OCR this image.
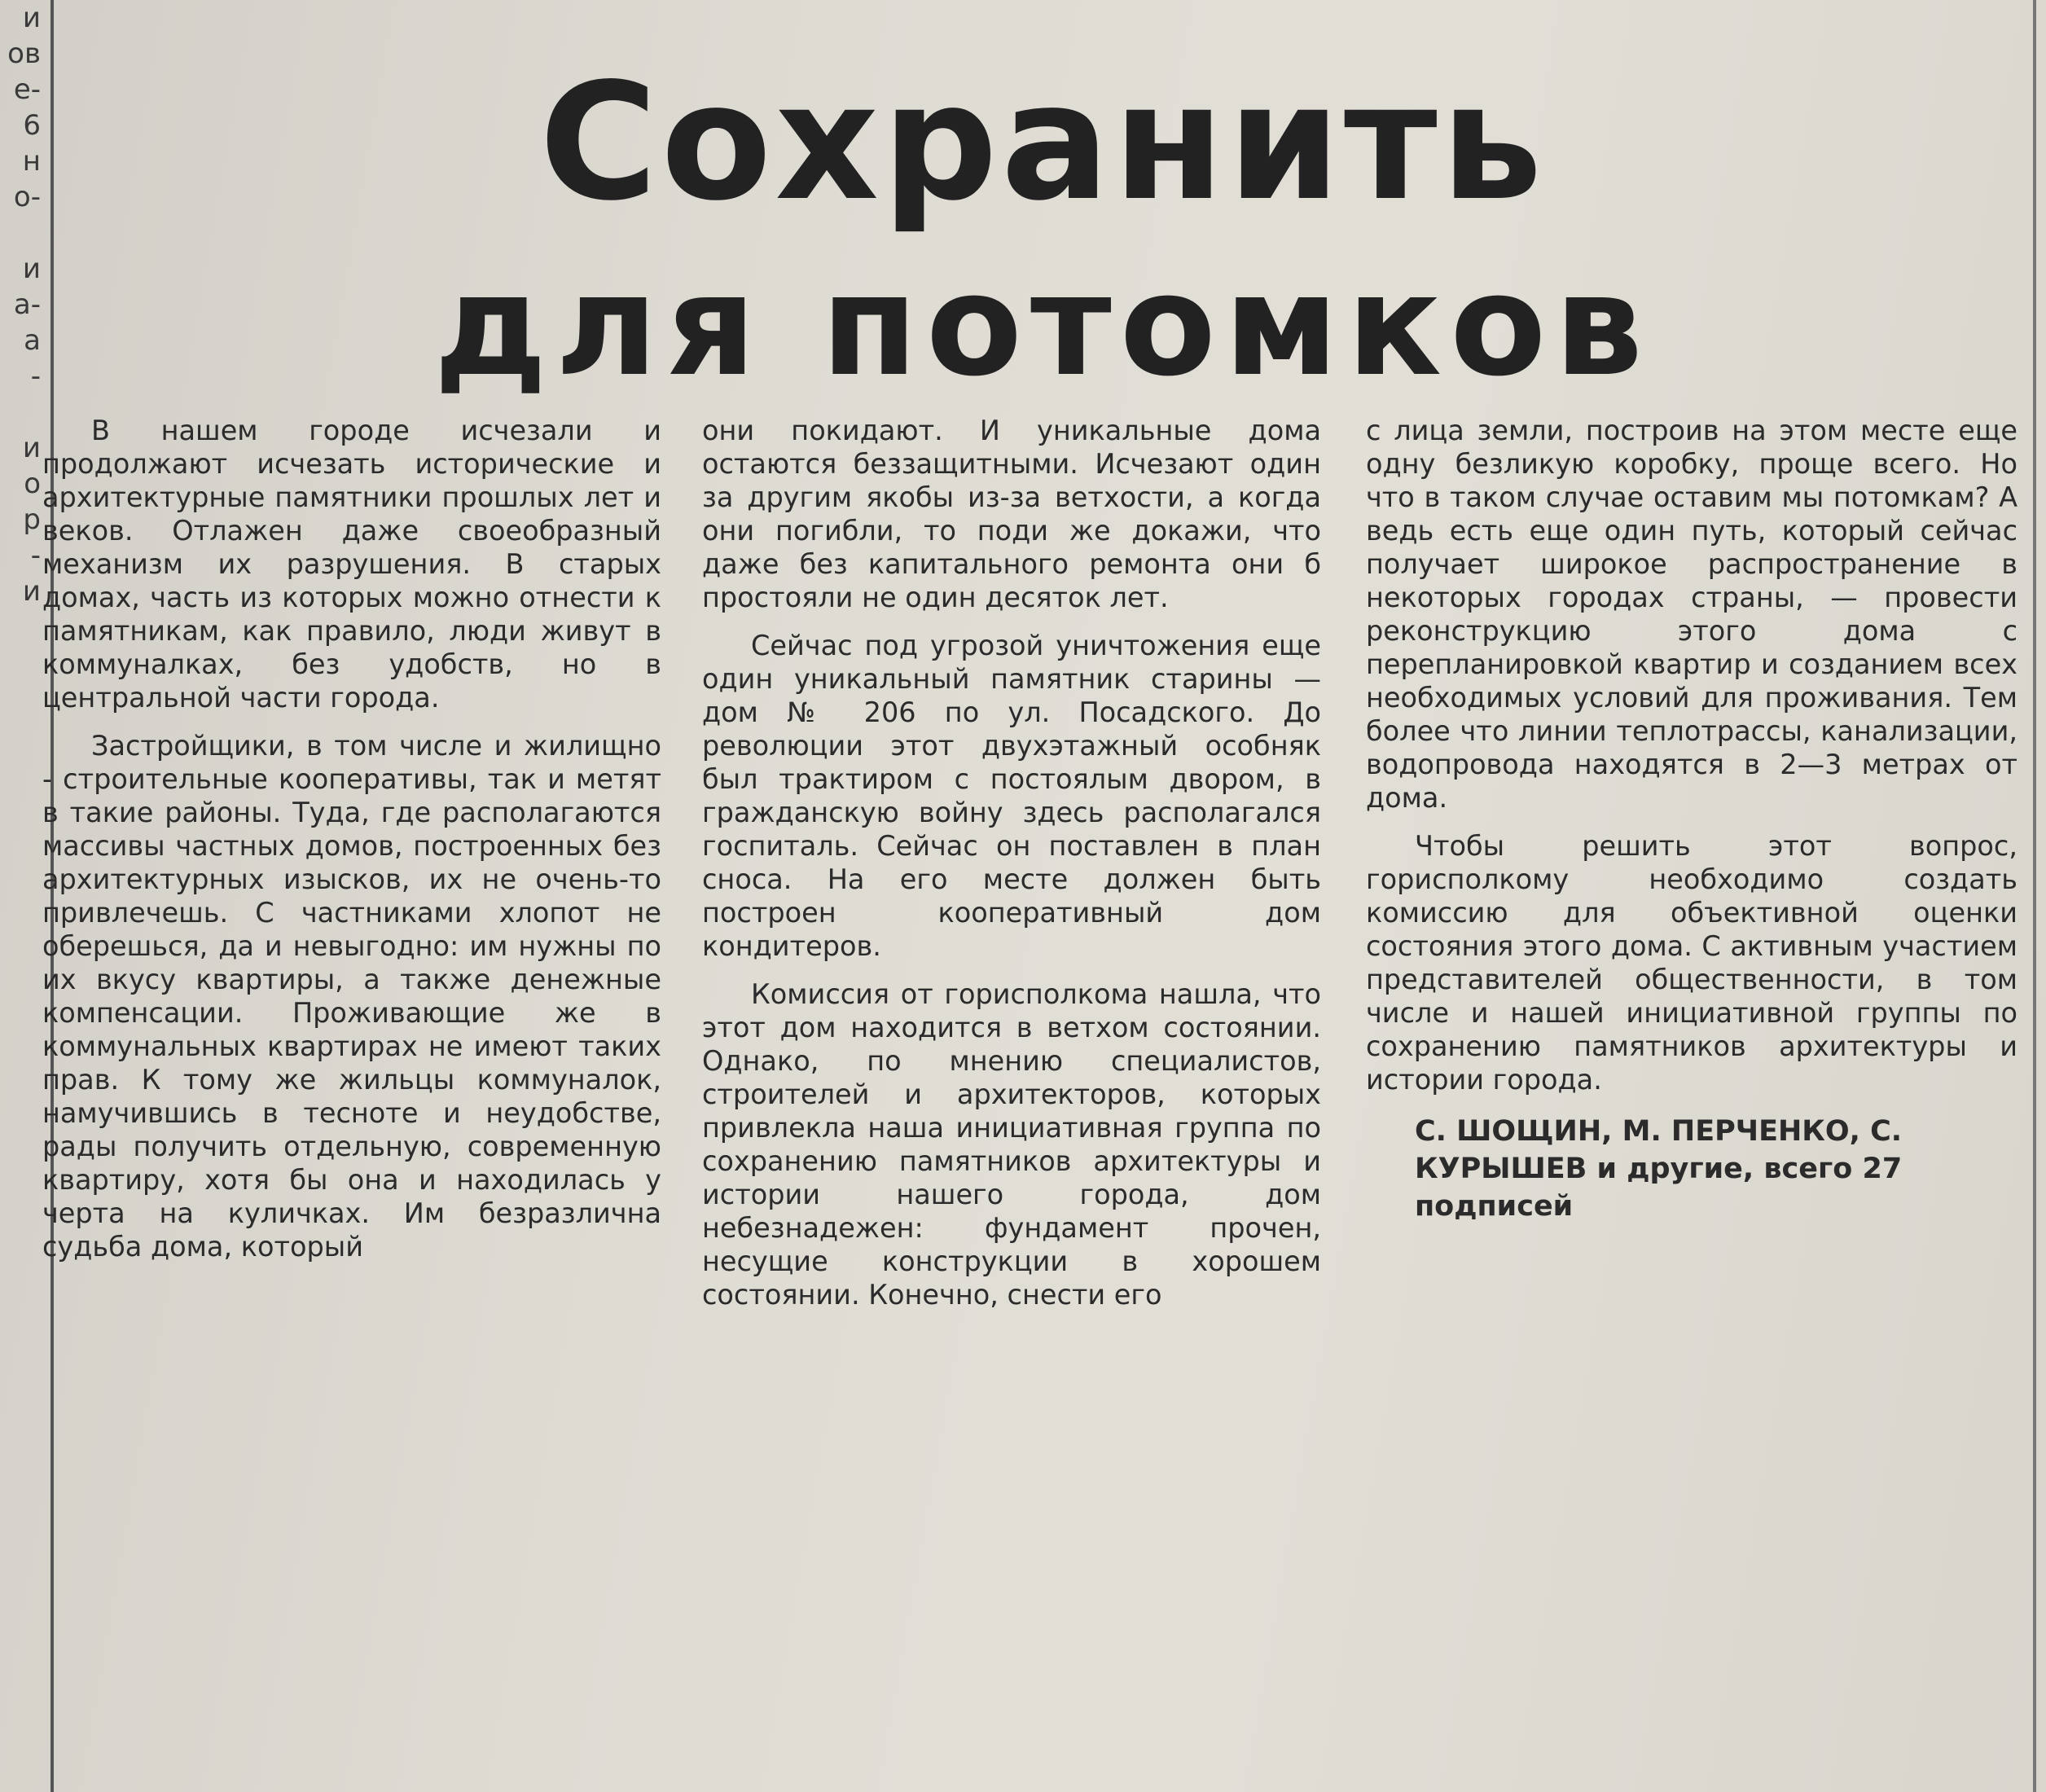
и
ов
е-
6
н
о-

и
а-
а
-

и
о
р
-
и
Сохранить
для потомков

В нашем городе исчезали и продолжают исчезать исторические и архитектурные памятники прошлых лет и веков. Отлажен даже своеобразный механизм их разрушения. В старых домах, часть из которых можно отнести к памятникам, как правило, люди живут в коммуналках, без удобств, но в центральной части города.

Застройщики, в том числе и жилищно - строительные кооперативы, так и метят в такие районы. Туда, где располагаются массивы частных домов, построенных без архитектурных изысков, их не очень-то привлечешь. С частниками хлопот не оберешься, да и невыгодно: им нужны по их вкусу квартиры, а также денежные компенсации. Проживающие же в коммунальных квартирах не имеют таких прав. К тому же жильцы коммуналок, намучившись в тесноте и неудобстве, рады получить отдельную, современную квартиру, хотя бы она и находилась у черта на куличках. Им безразлична судьба дома, который

они покидают. И уникальные дома остаются беззащитными. Исчезают один за другим якобы из-за ветхости, а когда они погибли, то поди же докажи, что даже без капитального ремонта они б простояли не один десяток лет.

Сейчас под угрозой уничтожения еще один уникальный памятник старины — дом № 206 по ул. Посадского. До революции этот двухэтажный особняк был трактиром с постоялым двором, в гражданскую войну здесь располагался госпиталь. Сейчас он поставлен в план сноса. На его месте должен быть построен кооперативный дом кондитеров.

Комиссия от горисполкома нашла, что этот дом находится в ветхом состоянии. Однако, по мнению специалистов, строителей и архитекторов, которых привлекла наша инициативная группа по сохранению памятников архитектуры и истории нашего города, дом небезнадежен: фундамент прочен, несущие конструкции в хорошем состоянии. Конечно, снести его

с лица земли, построив на этом месте еще одну безликую коробку, проще всего. Но что в таком случае оставим мы потомкам? А ведь есть еще один путь, который сейчас получает широкое распространение в некоторых городах страны, — провести реконструкцию этого дома с перепланировкой квартир и созданием всех необходимых условий для проживания. Тем более что линии теплотрассы, канализации, водопровода находятся в 2—3 метрах от дома.

Чтобы решить этот вопрос, горисполкому необходимо создать комиссию для объективной оценки состояния этого дома. С активным участием представителей общественности, в том числе и нашей инициативной группы по сохранению памятников архитектуры и истории города.

С. ШОЩИН, М. ПЕРЧЕНКО, С. КУРЫШЕВ и другие, всего 27 подписей
